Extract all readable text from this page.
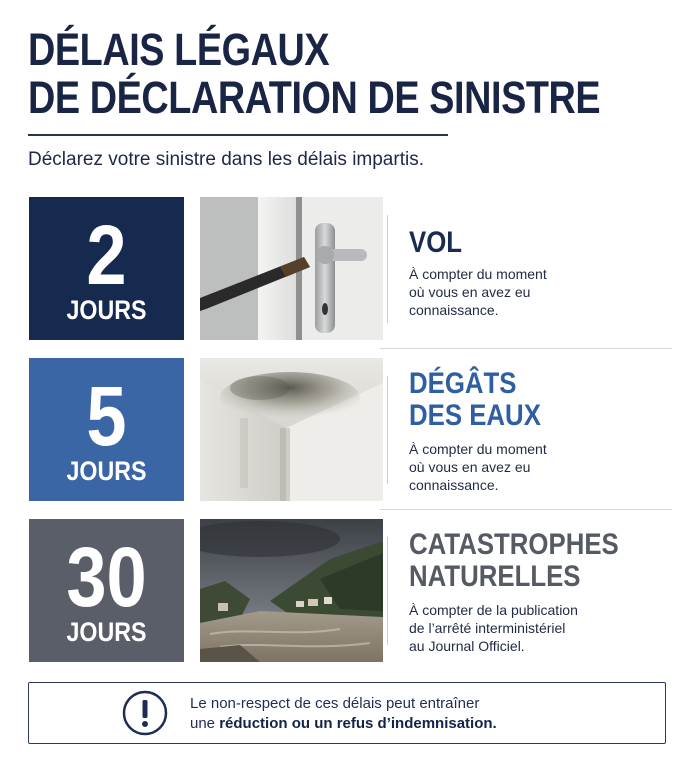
DÉLAIS LÉGAUX
DE DÉCLARATION DE SINISTRE
Déclarez votre sinistre dans les délais impartis.
2
JOURS
VOL
À compter du moment
où vous en avez eu
connaissance.
5
JOURS
DÉGÂTS
DES EAUX
À compter du moment
où vous en avez eu
connaissance.
30
JOURS
CATASTROPHES
NATURELLES
À compter de la publication
de l’arrêté interministériel
au Journal Officiel.
Le non-respect de ces délais peut entraîner
une réduction ou un refus d’indemnisation.
